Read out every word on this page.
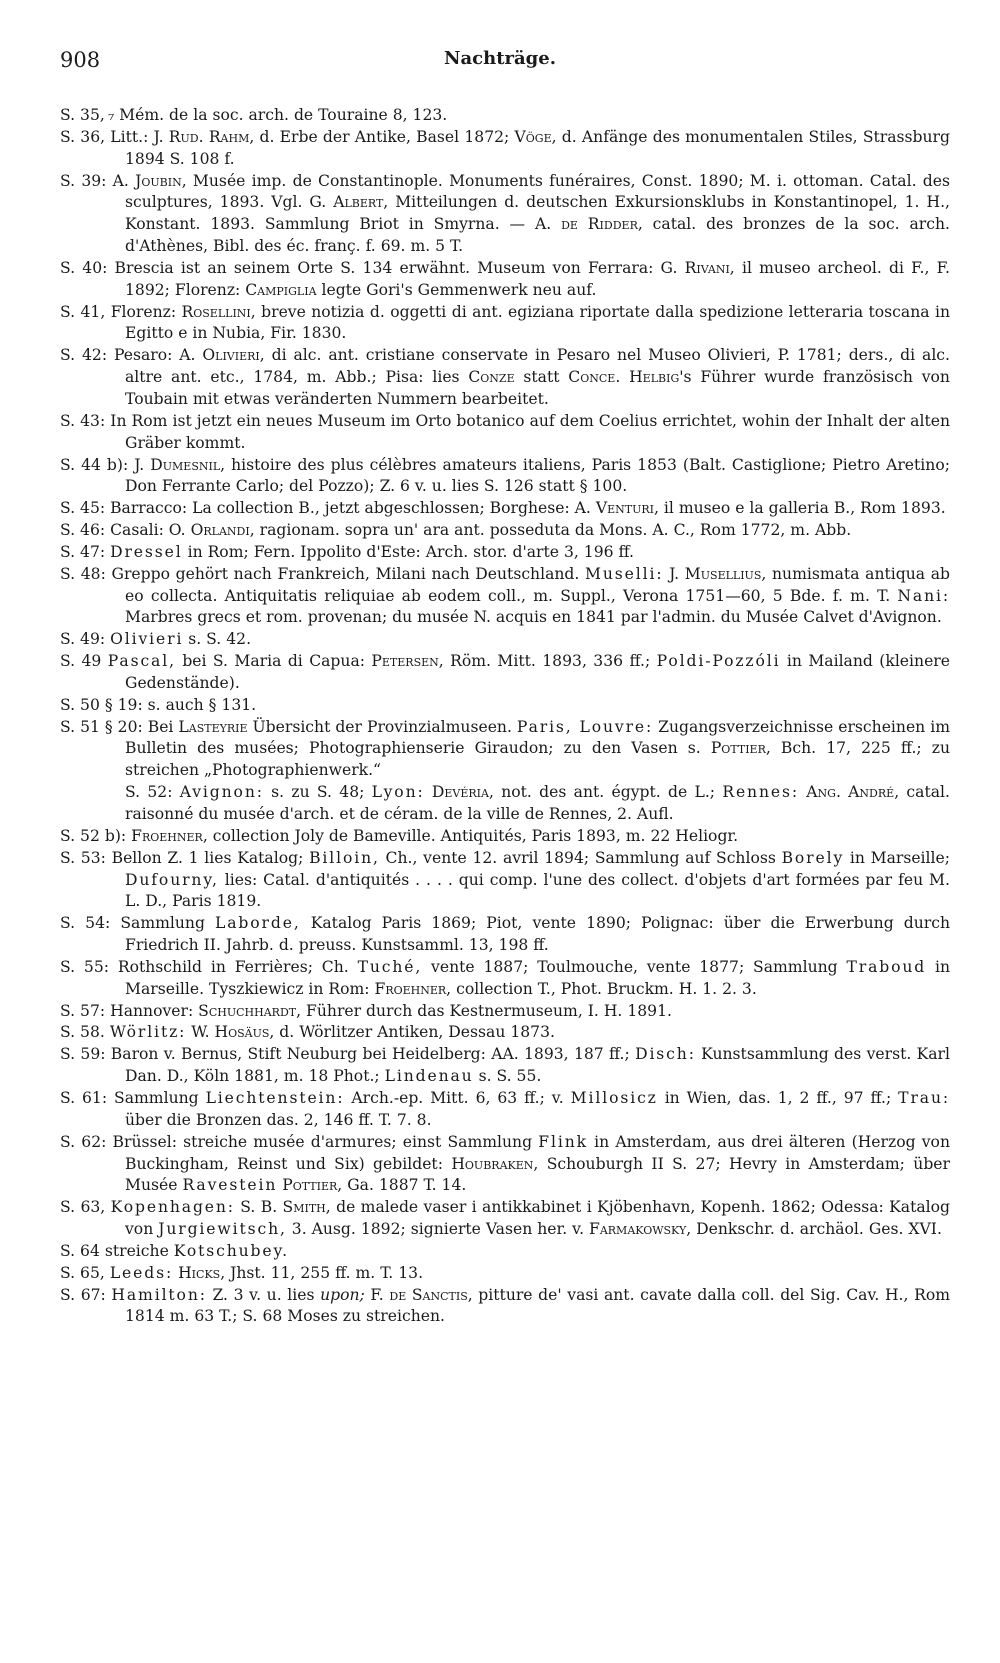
908	Nachträge.
S. 35, ₇ Mém. de la soc. arch. de Touraine 8, 123.
S. 36, Litt.: J. Rud. Rahm, d. Erbe der Antike, Basel 1872; Vöge, d. Anfänge des monumentalen Stiles, Strassburg 1894 S. 108 f.
S. 39: A. Joubin, Musée imp. de Constantinople. Monuments funéraires, Const. 1890; M. i. ottoman. Catal. des sculptures, 1893. Vgl. G. Albert, Mitteilungen d. deutschen Exkursionsklubs in Konstantinopel, 1. H., Konstant. 1893. Sammlung Briot in Smyrna. — A. de Ridder, catal. des bronzes de la soc. arch. d'Athènes, Bibl. des éc. franç. f. 69. m. 5 T.
S. 40: Brescia ist an seinem Orte S. 134 erwähnt. Museum von Ferrara: G. Rivani, il museo archeol. di F., F. 1892; Florenz: Campiglia legte Gori's Gemmenwerk neu auf.
S. 41, Florenz: Rosellini, breve notizia d. oggetti di ant. egiziana riportate dalla spedizione letteraria toscana in Egitto e in Nubia, Fir. 1830.
S. 42: Pesaro: A. Olivieri, di alc. ant. cristiane conservate in Pesaro nel Museo Olivieri, P. 1781; ders., di alc. altre ant. etc., 1784, m. Abb.; Pisa: lies Conze statt Conce. Helbig's Führer wurde französisch von Toubain mit etwas veränderten Nummern bearbeitet.
S. 43: In Rom ist jetzt ein neues Museum im Orto botanico auf dem Coelius errichtet, wohin der Inhalt der alten Gräber kommt.
S. 44 b): J. Dumesnil, histoire des plus célèbres amateurs italiens, Paris 1853 (Balt. Castiglione; Pietro Aretino; Don Ferrante Carlo; del Pozzo); Z. 6 v. u. lies S. 126 statt § 100.
S. 45: Barracco: La collection B., jetzt abgeschlossen; Borghese: A. Venturi, il museo e la galleria B., Rom 1893.
S. 46: Casali: O. Orlandi, ragionam. sopra un' ara ant. posseduta da Mons. A. C., Rom 1772, m. Abb.
S. 47: Dressel in Rom; Fern. Ippolito d'Este: Arch. stor. d'arte 3, 196 ff.
S. 48: Greppo gehört nach Frankreich, Milani nach Deutschland. Muselli: J. Musellius, numismata antiqua ab eo collecta. Antiquitatis reliquiae ab eodem coll., m. Suppl., Verona 1751—60, 5 Bde. f. m. T. Nani: Marbres grecs et rom. provenan; du musée N. acquis en 1841 par l'admin. du Musée Calvet d'Avignon.
S. 49: Olivieri s. S. 42.
S. 49 Pascal, bei S. Maria di Capua: Petersen, Röm. Mitt. 1893, 336 ff.; Poldi-Pozzóli in Mailand (kleinere Gedenstände).
S. 50 § 19: s. auch § 131.
S. 51 § 20: Bei Lasteyrie Übersicht der Provinzialmuseen. Paris, Louvre: Zugangsverzeichnisse erscheinen im Bulletin des musées; Photographienserie Giraudon; zu den Vasen s. Pottier, Bch. 17, 225 ff.; zu streichen „Photographienwerk.“
S. 52: Avignon: s. zu S. 48; Lyon: Devéria, not. des ant. égypt. de L.; Rennes: Ang. André, catal. raisonné du musée d'arch. et de céram. de la ville de Rennes, 2. Aufl.
S. 52 b): Froehner, collection Joly de Bameville. Antiquités, Paris 1893, m. 22 Heliogr.
S. 53: Bellon Z. 1 lies Katalog; Billoin, Ch., vente 12. avril 1894; Sammlung auf Schloss Borely in Marseille; Dufourny, lies: Catal. d'antiquités . . . . qui comp. l'une des collect. d'objets d'art formées par feu M. L. D., Paris 1819.
S. 54: Sammlung Laborde, Katalog Paris 1869; Piot, vente 1890; Polignac: über die Erwerbung durch Friedrich II. Jahrb. d. preuss. Kunstsamml. 13, 198 ff.
S. 55: Rothschild in Ferrières; Ch. Tuché, vente 1887; Toulmouche, vente 1877; Sammlung Traboud in Marseille. Tyszkiewicz in Rom: Froehner, collection T., Phot. Bruckm. H. 1. 2. 3.
S. 57: Hannover: Schuchhardt, Führer durch das Kestnermuseum, I. H. 1891.
S. 58. Wörlitz: W. Hosäus, d. Wörlitzer Antiken, Dessau 1873.
S. 59: Baron v. Bernus, Stift Neuburg bei Heidelberg: AA. 1893, 187 ff.; Disch: Kunstsammlung des verst. Karl Dan. D., Köln 1881, m. 18 Phot.; Lindenau s. S. 55.
S. 61: Sammlung Liechtenstein: Arch.-ep. Mitt. 6, 63 ff.; v. Millosicz in Wien, das. 1, 2 ff., 97 ff.; Trau: über die Bronzen das. 2, 146 ff. T. 7. 8.
S. 62: Brüssel: streiche musée d'armures; einst Sammlung Flink in Amsterdam, aus drei älteren (Herzog von Buckingham, Reinst und Six) gebildet: Houbraken, Schouburgh II S. 27; Hevry in Amsterdam; über Musée Ravestein Pottier, Ga. 1887 T. 14.
S. 63, Kopenhagen: S. B. Smith, de malede vaser i antikkabinet i Kjöbenhavn, Kopenh. 1862; Odessa: Katalog von Jurgiewitsch, 3. Ausg. 1892; signierte Vasen her. v. Farmakowsky, Denkschr. d. archäol. Ges. XVI.
S. 64 streiche Kotschubey.
S. 65, Leeds: Hicks, Jhst. 11, 255 ff. m. T. 13.
S. 67: Hamilton: Z. 3 v. u. lies upon; F. de Sanctis, pitture de' vasi ant. cavate dalla coll. del Sig. Cav. H., Rom 1814 m. 63 T.; S. 68 Moses zu streichen.
